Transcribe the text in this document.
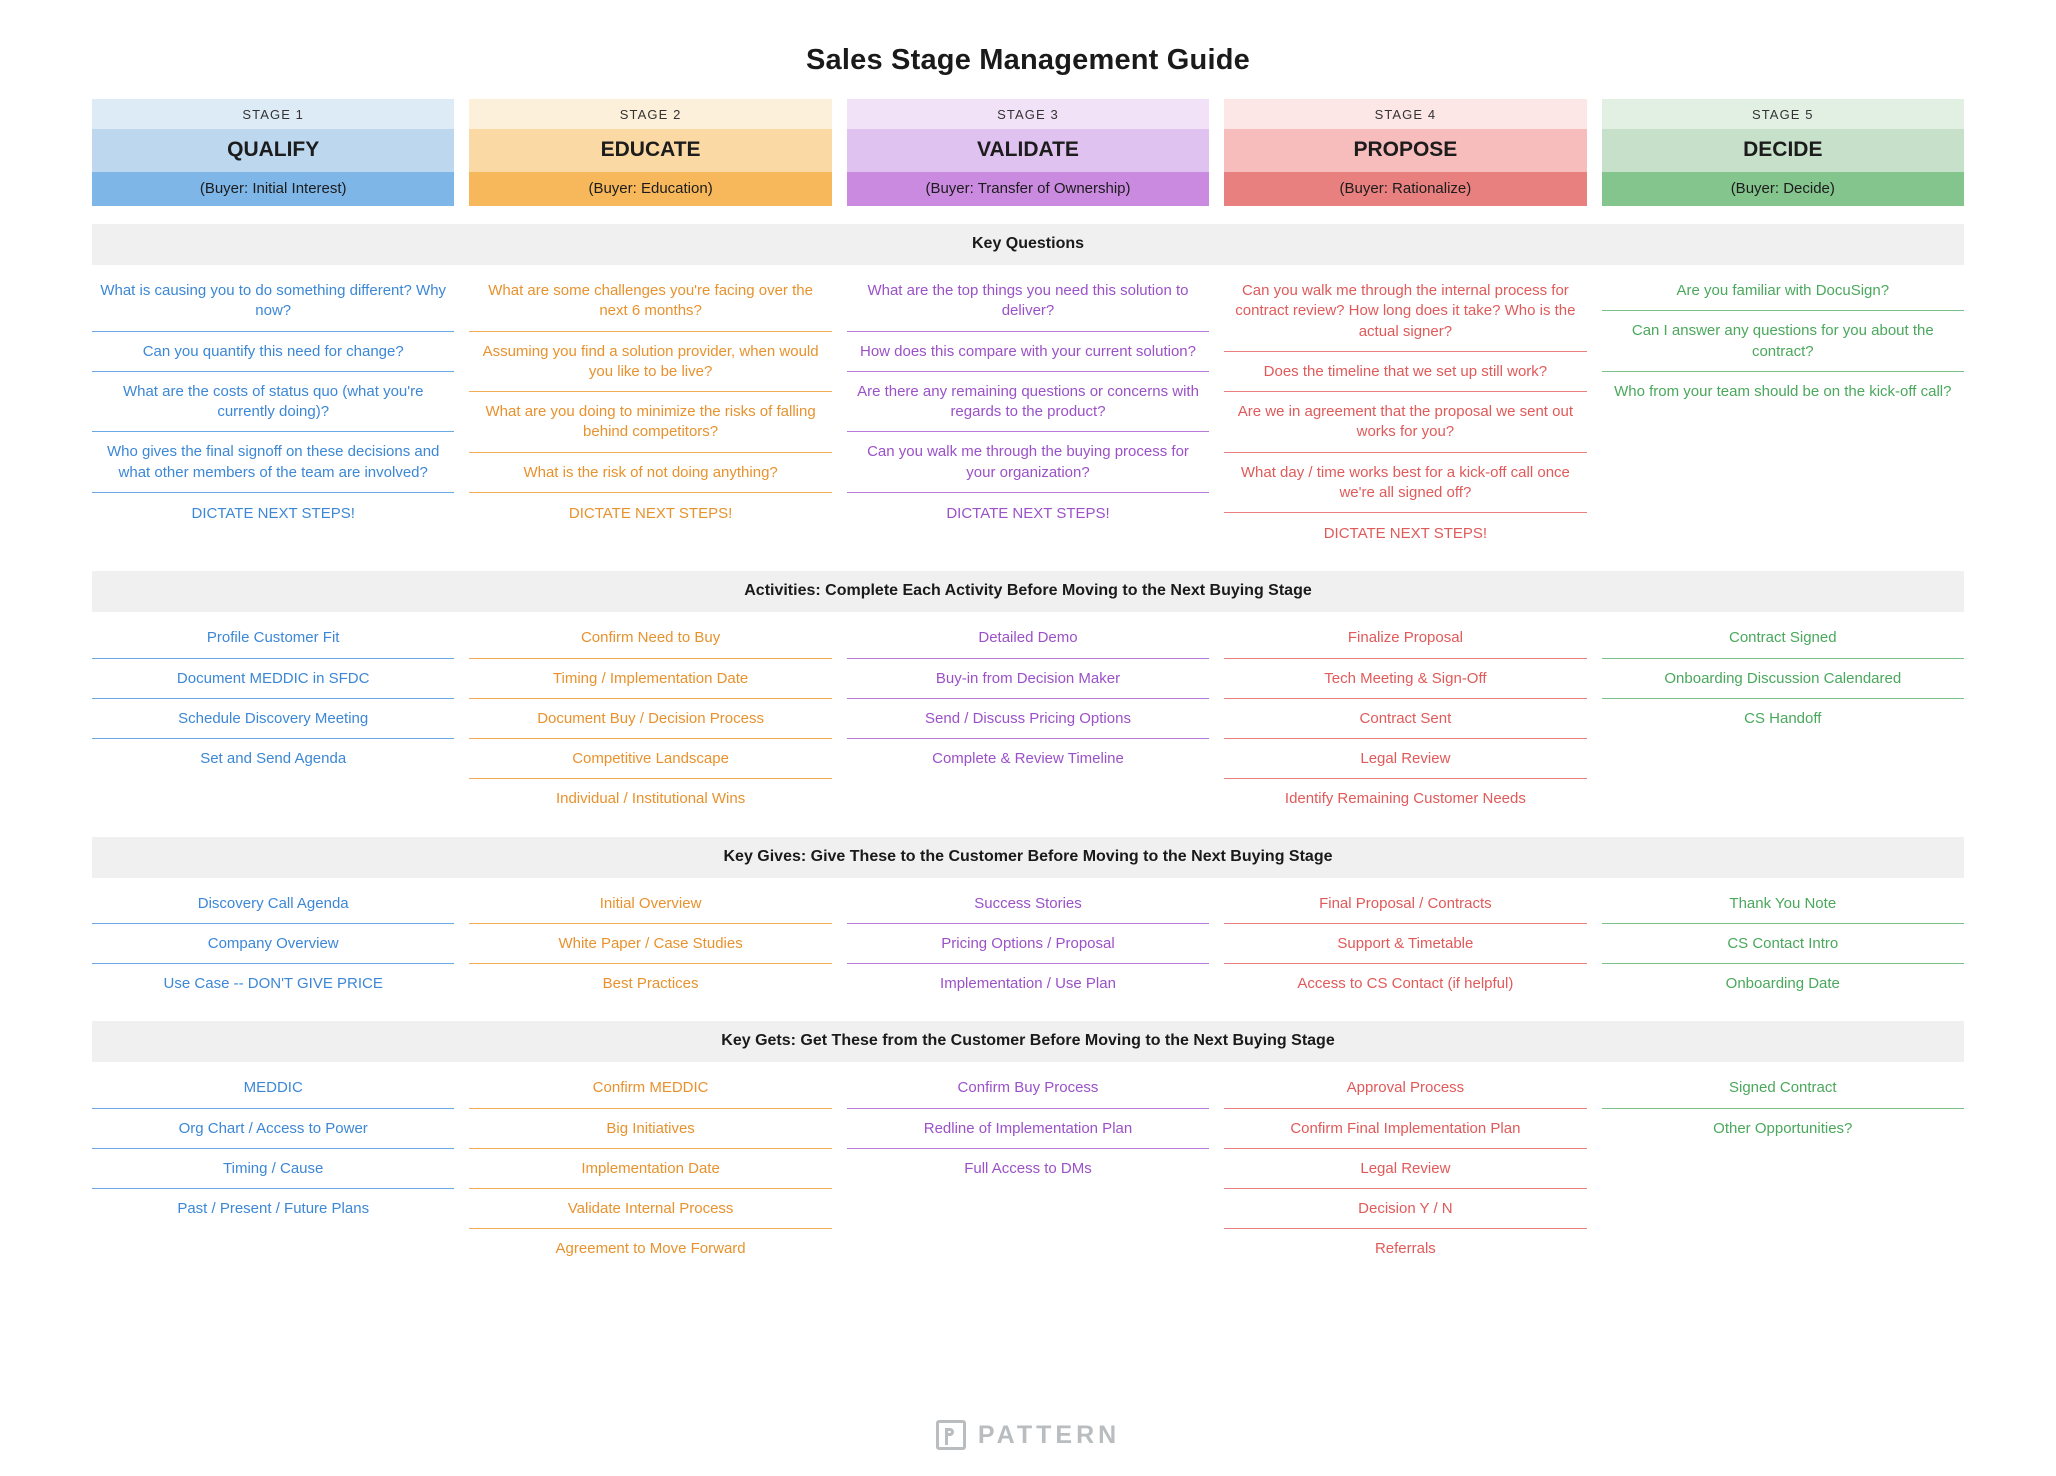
Sales Stage Management Guide
STAGE 1
QUALIFY
(Buyer: Initial Interest)
STAGE 2
EDUCATE
(Buyer: Education)
STAGE 3
VALIDATE
(Buyer: Transfer of Ownership)
STAGE 4
PROPOSE
(Buyer: Rationalize)
STAGE 5
DECIDE
(Buyer: Decide)
Key Questions
What is causing you to do something different? Why now?
Can you quantify this need for change?
What are the costs of status quo (what you're currently doing)?
Who gives the final signoff on these decisions and what other members of the team are involved?
DICTATE NEXT STEPS!
What are some challenges you're facing over the next 6 months?
Assuming you find a solution provider, when would you like to be live?
What are you doing to minimize the risks of falling behind competitors?
What is the risk of not doing anything?
DICTATE NEXT STEPS!
What are the top things you need this solution to deliver?
How does this compare with your current solution?
Are there any remaining questions or concerns with regards to the product?
Can you walk me through the buying process for your organization?
DICTATE NEXT STEPS!
Can you walk me through the internal process for contract review? How long does it take? Who is the actual signer?
Does the timeline that we set up still work?
Are we in agreement that the proposal we sent out works for you?
What day / time works best for a kick-off call once we're all signed off?
DICTATE NEXT STEPS!
Are you familiar with DocuSign?
Can I answer any questions for you about the contract?
Who from your team should be on the kick-off call?
Activities: Complete Each Activity Before Moving to the Next Buying Stage
Profile Customer Fit
Document MEDDIC in SFDC
Schedule Discovery Meeting
Set and Send Agenda
Confirm Need to Buy
Timing / Implementation Date
Document Buy / Decision Process
Competitive Landscape
Individual / Institutional Wins
Detailed Demo
Buy-in from Decision Maker
Send / Discuss Pricing Options
Complete & Review Timeline
Finalize Proposal
Tech Meeting & Sign-Off
Contract Sent
Legal Review
Identify Remaining Customer Needs
Contract Signed
Onboarding Discussion Calendared
CS Handoff
Key Gives: Give These to the Customer Before Moving to the Next Buying Stage
Discovery Call Agenda
Company Overview
Use Case -- DON'T GIVE PRICE
Initial Overview
White Paper / Case Studies
Best Practices
Success Stories
Pricing Options / Proposal
Implementation / Use Plan
Final Proposal / Contracts
Support & Timetable
Access to CS Contact (if helpful)
Thank You Note
CS Contact Intro
Onboarding Date
Key Gets: Get These from the Customer Before Moving to the Next Buying Stage
MEDDIC
Org Chart / Access to Power
Timing / Cause
Past / Present / Future Plans
Confirm MEDDIC
Big Initiatives
Implementation Date
Validate Internal Process
Agreement to Move Forward
Confirm Buy Process
Redline of Implementation Plan
Full Access to DMs
Approval Process
Confirm Final Implementation Plan
Legal Review
Decision Y / N
Referrals
Signed Contract
Other Opportunities?
PATTERN
